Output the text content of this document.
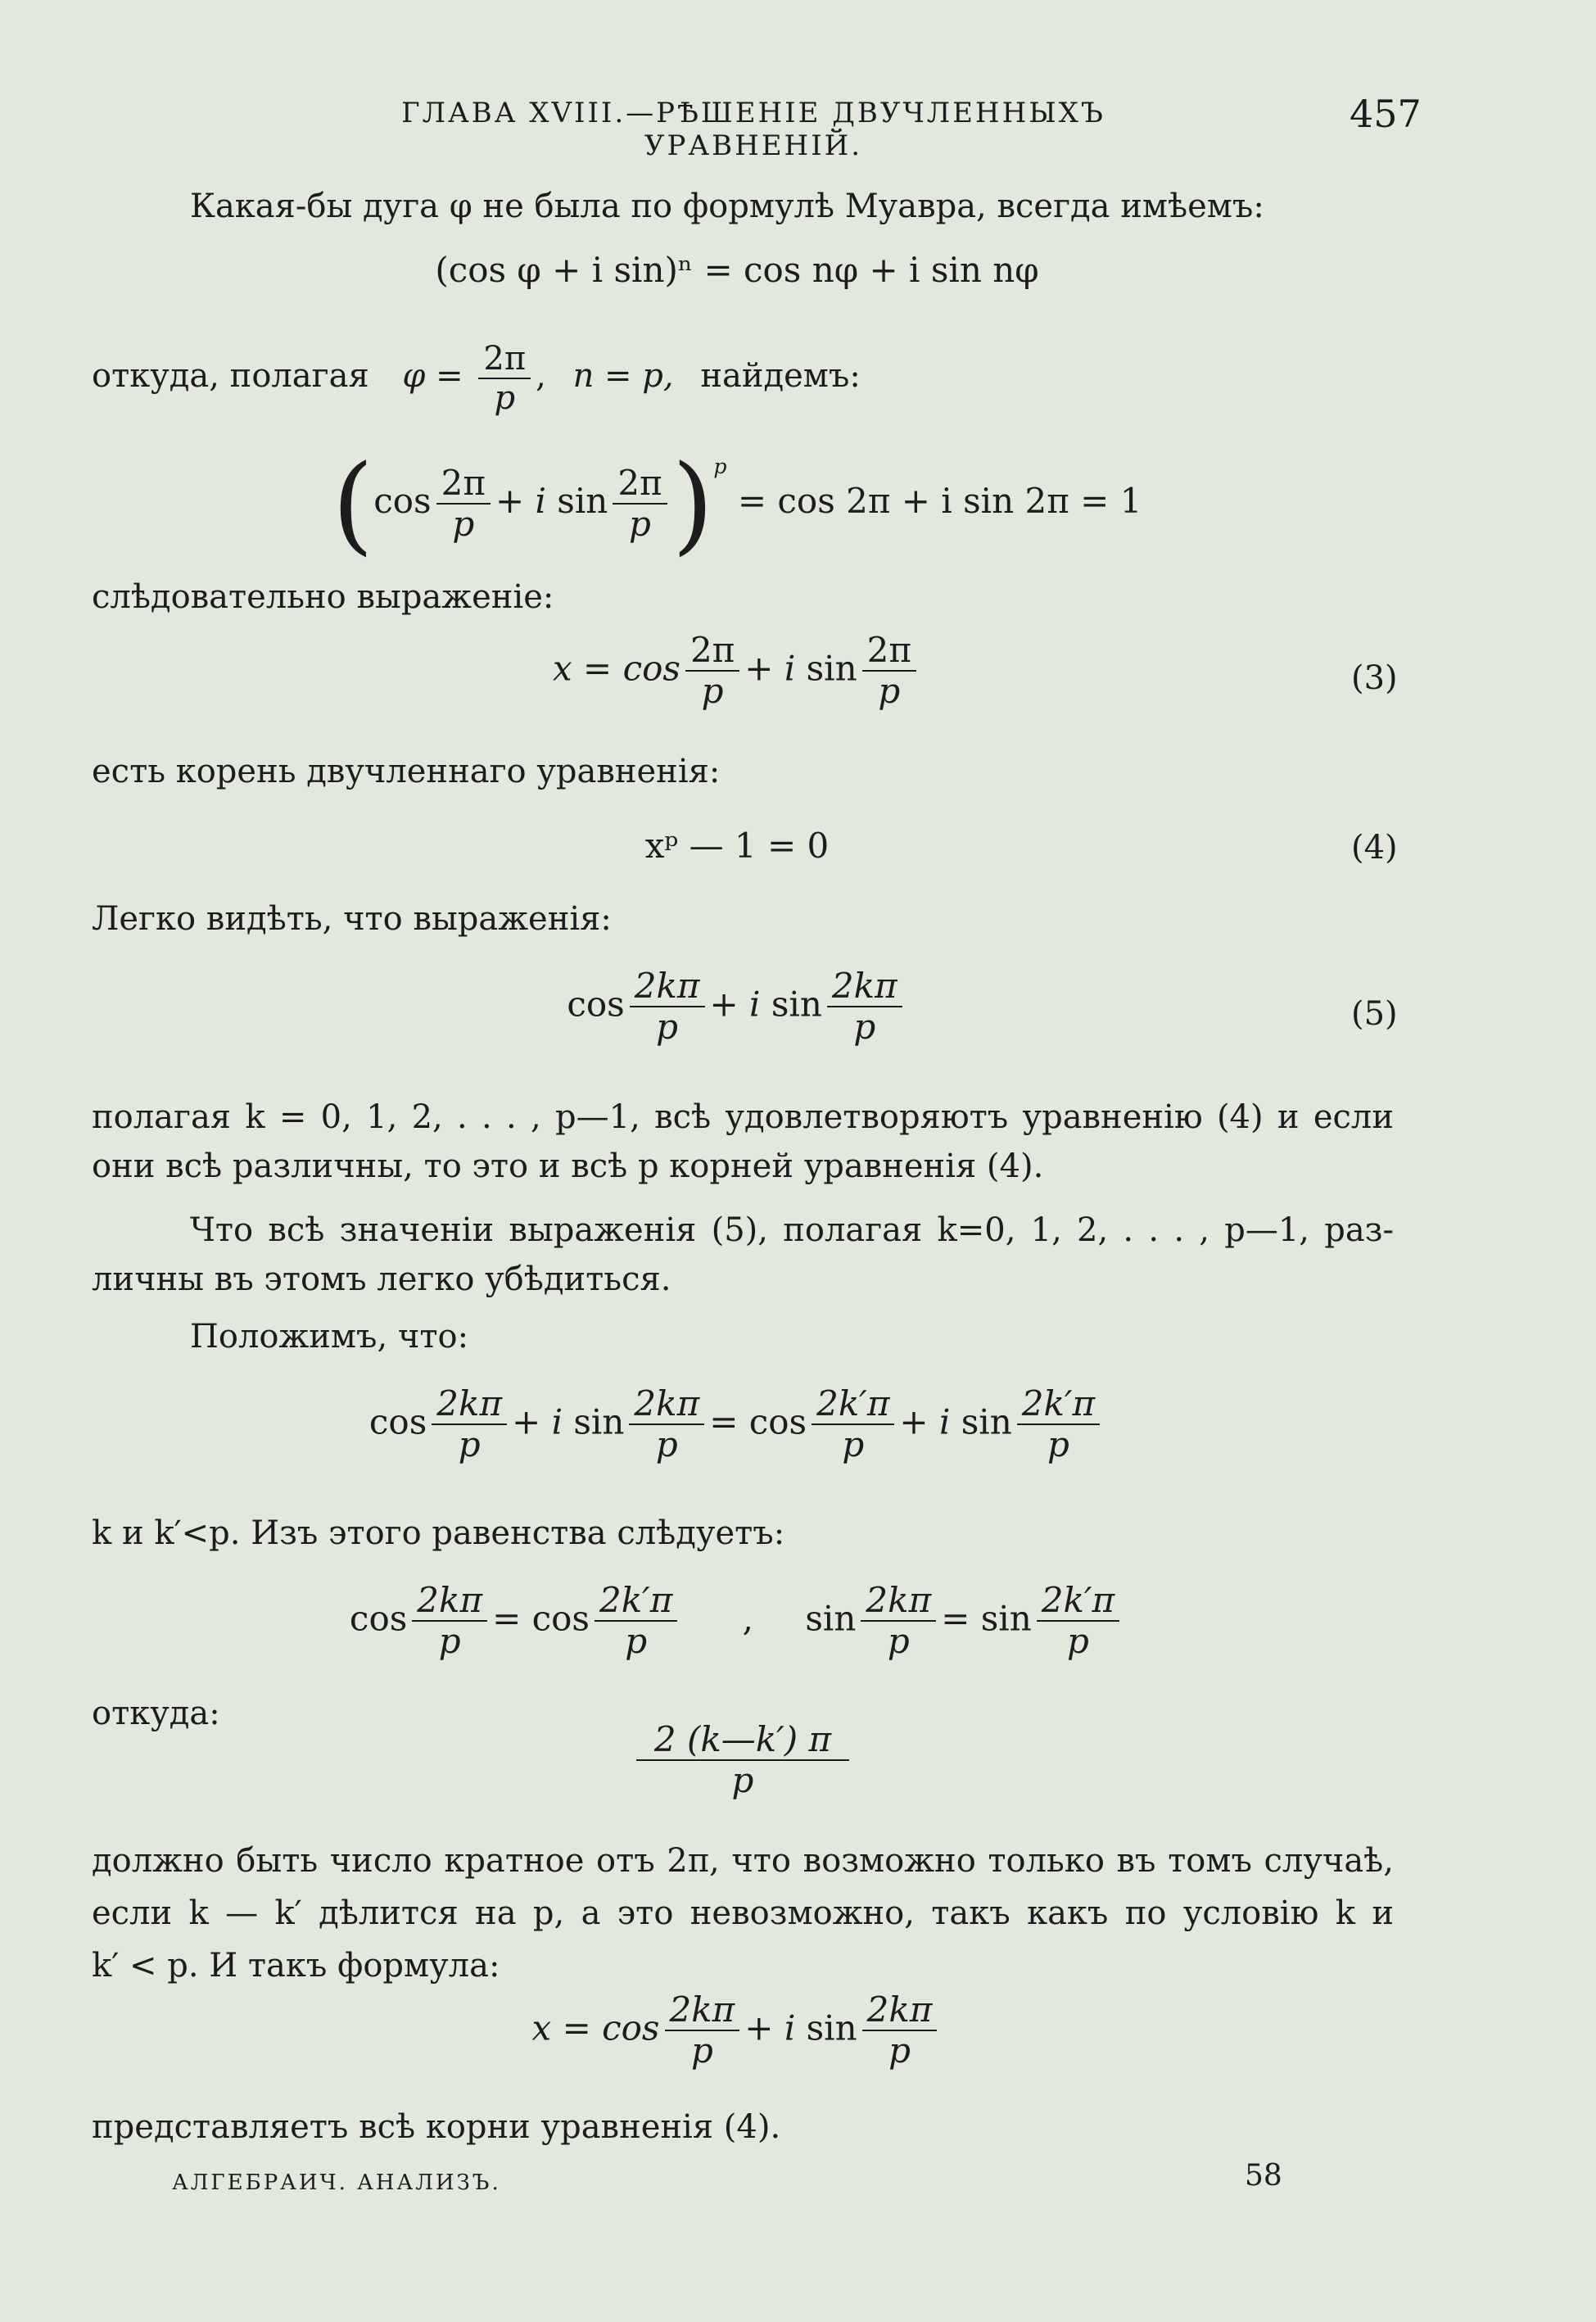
ГЛАВА XVIII.—РѢШЕНІЕ ДВУЧЛЕННЫХЪ УРАВНЕНІЙ.
457
Какая-бы дуга φ не была по формулѣ Муавра, всегда имѣемъ:
(cos φ + i sin)ⁿ = cos nφ + i sin nφ
откуда, полагая $\varphi = \frac{2\pi}{p}$ , n = p, найдемъ:
($\cos \frac{2\pi}{p} + i$ $\sin \frac{2\pi}{p} )^p = \cos 2\pi + i$ sin 2π = 1
слѣдовательно выраженіе:
$x = \cos \frac{2\pi}{p} + i$ $\sin \frac{2\pi}{p}$	(3)
есть корень двучленнаго уравненія:
xᵖ — 1 = 0	(4)
Легко видѣть, что выраженія:
$\cos \frac{2k\pi}{p} + i$ $\sin \frac{2k\pi}{p}$	(5)
полагая k = 0, 1, 2, . . . , p—1, всѣ удовлетворяютъ уравненію (4) и если
они всѣ различны, то это и всѣ p корней уравненія (4).
Что всѣ значеніи выраженія (5), полагая k=0, 1, 2, . . . , p—1, раз-
личны въ этомъ легко убѣдиться.
Положимъ, что:
$\cos \frac{2k\pi}{p} + i$ $\sin \frac{2k\pi}{p} = \cos \frac{2k'\pi}{p} + i$ $\sin \frac{2k'\pi}{p}$
k и k′<p. Изъ этого равенства слѣдуетъ:
$\cos \frac{2k\pi}{p} = \cos \frac{2k'\pi}{p}$ , $\sin \frac{2k\pi}{p} = \sin \frac{2k'\pi}{p}$
откуда:
$\frac{2 (k—k') \pi}{p}$
должно быть число кратное отъ 2π, что возможно только въ томъ случаѣ,
если k — k′ дѣлится на p, а это невозможно, такъ какъ по условію k и
k′ < p. И такъ формула:
$x = \cos \frac{2k\pi}{p} + i$ $\sin \frac{2k\pi}{p}$
представляетъ всѣ корни уравненія (4).
АЛГЕБРАИЧ. АНАЛИЗЪ.	58
